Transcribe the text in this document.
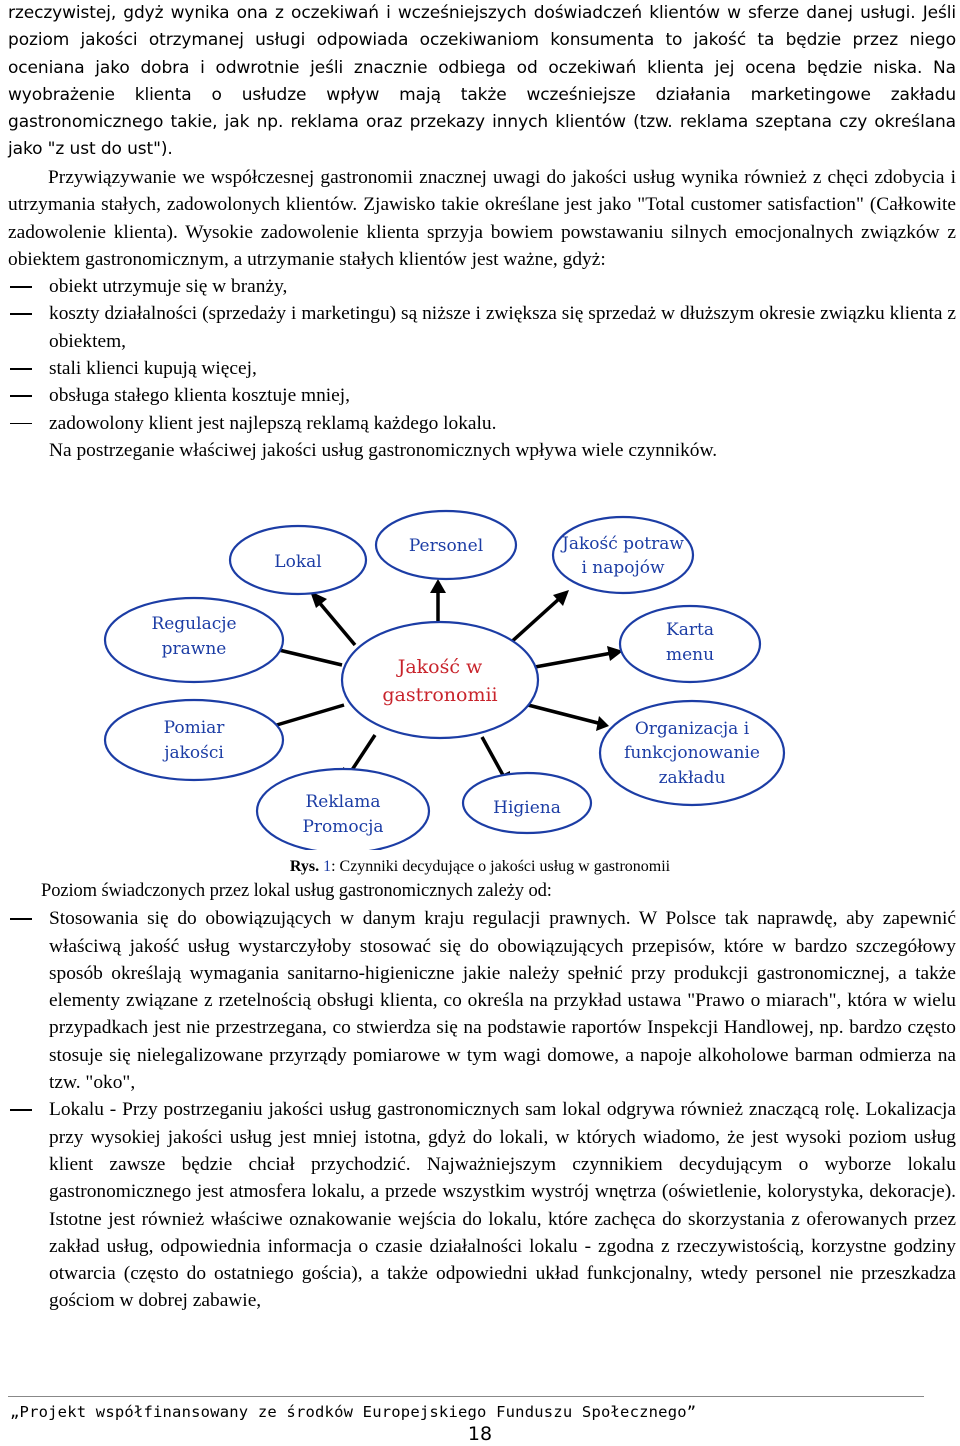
rzeczywistej, gdyż wynika ona z oczekiwań i wcześniejszych doświadczeń klientów w sferze danej usługi. Jeśli poziom jakości otrzymanej usługi odpowiada oczekiwaniom konsumenta to jakość ta będzie przez niego oceniana jako dobra i odwrotnie jeśli znacznie odbiega od oczekiwań klienta jej ocena będzie niska. Na wyobrażenie klienta o usłudze wpływ mają także wcześniejsze działania marketingowe zakładu gastronomicznego takie, jak np. reklama oraz przekazy innych klientów (tzw. reklama szeptana czy określana jako "z ust do ust").

Przywiązywanie we współczesnej gastronomii znacznej uwagi do jakości usług wynika również z chęci zdobycia i utrzymania stałych, zadowolonych klientów. Zjawisko takie określane jest jako "Total customer satisfaction" (Całkowite zadowolenie klienta). Wysokie zadowolenie klienta sprzyja bowiem powstawaniu silnych emocjonalnych związków z obiektem gastronomicznym, a utrzymanie stałych klientów jest ważne, gdyż:

obiekt utrzymuje się w branży,
koszty działalności (sprzedaży i marketingu) są niższe i zwiększa się sprzedaż w dłuższym okresie związku klienta z obiektem,
stali klienci kupują więcej,
obsługa stałego klienta kosztuje mniej,
zadowolony klient jest najlepszą reklamą każdego lokalu.

Na postrzeganie właściwej jakości usług gastronomicznych wpływa wiele czynników.

Jakość w
gastronomii
Lokal
Personel	Jakość potraw
i napojów
Regulacje
prawne
Karta
menu
Pomiar
jakości
Organizacja i
funkcjonowanie
zakładu
Reklama
Promocja
Higiena
Rys. 1: Czynniki decydujące o jakości usług w gastronomii

Poziom świadczonych przez lokal usług gastronomicznych zależy od:

Stosowania się do obowiązujących w danym kraju regulacji prawnych. W Polsce tak naprawdę, aby zapewnić właściwą jakość usług wystarczyłoby stosować się do obowiązujących przepisów, które w bardzo szczegółowy sposób określają wymagania sanitarno-higieniczne jakie należy spełnić przy produkcji gastronomicznej, a także elementy związane z rzetelnością obsługi klienta, co określa na przykład ustawa "Prawo o miarach", która w wielu przypadkach jest nie przestrzegana, co stwierdza się na podstawie raportów Inspekcji Handlowej, np. bardzo często stosuje się nielegalizowane przyrządy pomiarowe w tym wagi domowe, a napoje alkoholowe barman odmierza na tzw. "oko",
Lokalu - Przy postrzeganiu jakości usług gastronomicznych sam lokal odgrywa również znaczącą rolę. Lokalizacja przy wysokiej jakości usług jest mniej istotna, gdyż do lokali, w których wiadomo, że jest wysoki poziom usług klient zawsze będzie chciał przychodzić. Najważniejszym czynnikiem decydującym o wyborze lokalu gastronomicznego jest atmosfera lokalu, a przede wszystkim wystrój wnętrza (oświetlenie, kolorystyka, dekoracje). Istotne jest również właściwe oznakowanie wejścia do lokalu, które zachęca do skorzystania z oferowanych przez zakład usług, odpowiednia informacja o czasie działalności lokalu - zgodna z rzeczywistością, korzystne godziny otwarcia (często do ostatniego gościa), a także odpowiedni układ funkcjonalny, wtedy personel nie przeszkadza gościom w dobrej zabawie,
„Projekt współfinansowany ze środków Europejskiego Funduszu Społecznego”
18
